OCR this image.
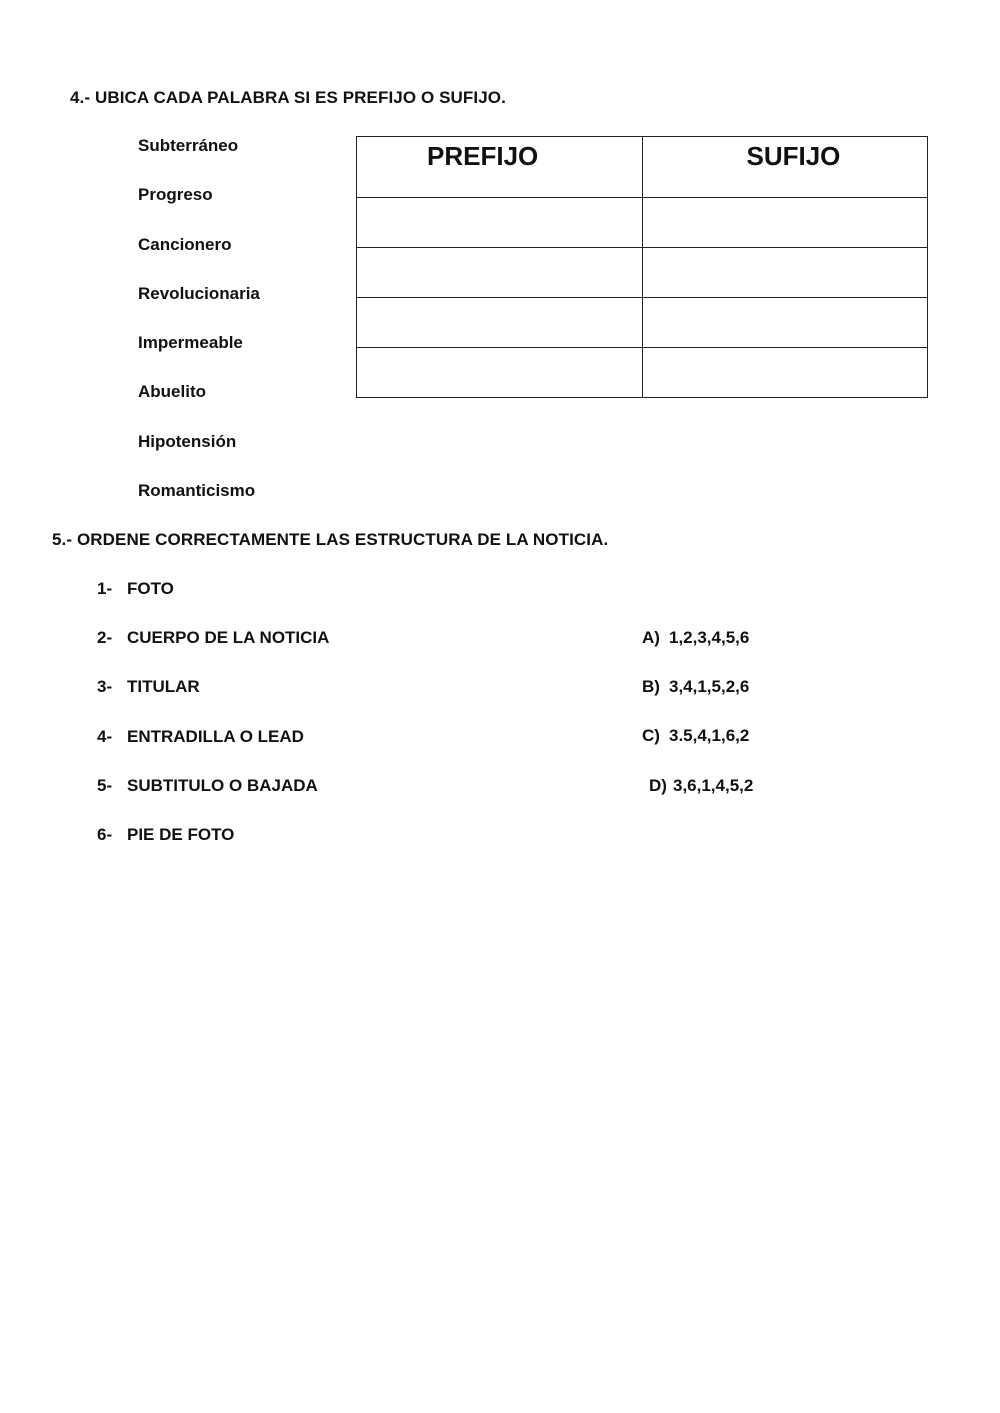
4.- UBICA CADA PALABRA SI ES PREFIJO O SUFIJO.
Subterráneo
Progreso
Cancionero
Revolucionaria
Impermeable
Abuelito
Hipotensión
Romanticismo
PREFIJO	SUFIJO

5.- ORDENE CORRECTAMENTE LAS ESTRUCTURA DE LA NOTICIA.
1- FOTO
2- CUERPO DE LA NOTICIA
3- TITULAR
4- ENTRADILLA O LEAD
5- SUBTITULO O BAJADA
6- PIE DE FOTO
A) 1,2,3,4,5,6
B) 3,4,1,5,2,6
C) 3.5,4,1,6,2
D) 3,6,1,4,5,2
